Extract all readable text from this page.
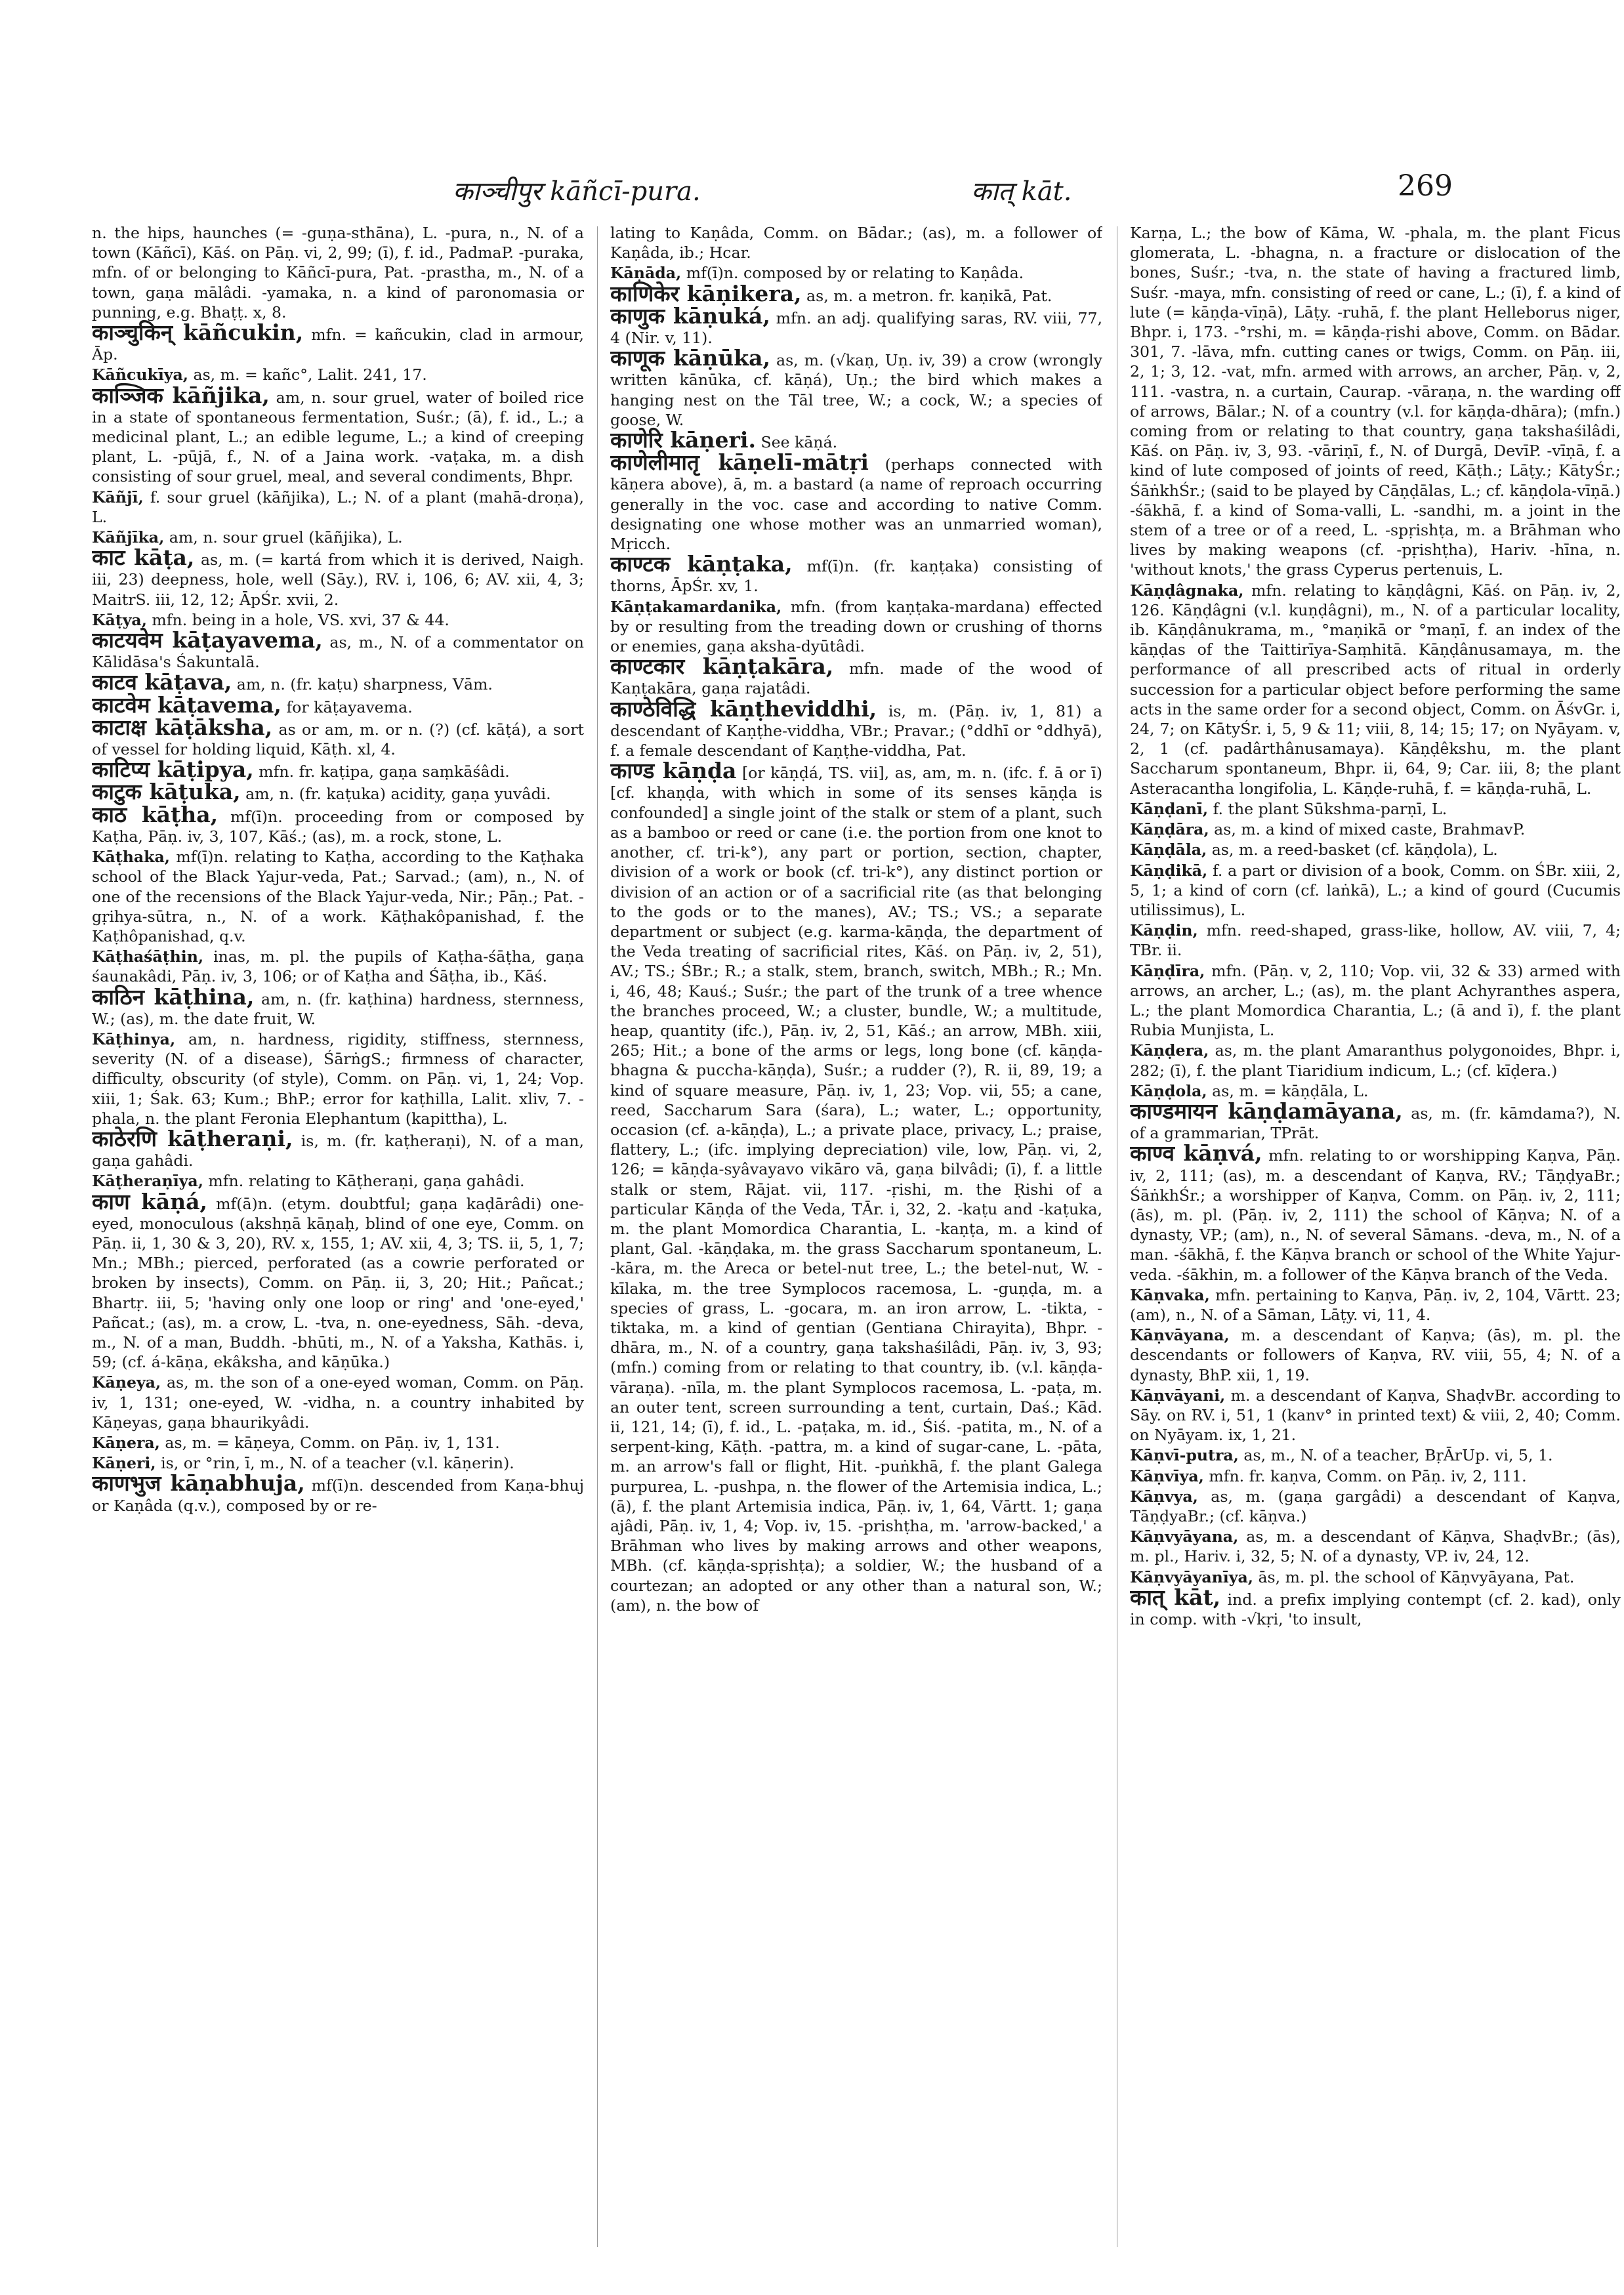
काञ्चीपुर kāñcī-pura.	कात् kāt.	269

n. the hips, haunches (= -guṇa-sthāna), L. -pura, n., N. of a town (Kāñcī), Kāś. on Pāṇ. vi, 2, 99; (ī), f. id., PadmaP. -puraka, mfn. of or belonging to Kāñcī-pura, Pat. -prastha, m., N. of a town, gaṇa mālâdi. -yamaka, n. a kind of paronomasia or punning, e.g. Bhaṭṭ. x, 8.

काञ्चुकिन् kāñcukin, mfn. = kañcukin, clad in armour, Āp.

Kāñcukīya, as, m. = kañc°, Lalit. 241, 17.

काञ्जिक kāñjika, am, n. sour gruel, water of boiled rice in a state of spontaneous fermentation, Suśr.; (ā), f. id., L.; a medicinal plant, L.; an edible legume, L.; a kind of creeping plant, L. -pūjā, f., N. of a Jaina work. -vaṭaka, m. a dish consisting of sour gruel, meal, and several condiments, Bhpr.

Kāñjī, f. sour gruel (kāñjika), L.; N. of a plant (mahā-droṇa), L.

Kāñjīka, am, n. sour gruel (kāñjika), L.

काट kāṭa, as, m. (= kartá from which it is derived, Naigh. iii, 23) deepness, hole, well (Sāy.), RV. i, 106, 6; AV. xii, 4, 3; MaitrS. iii, 12, 12; ĀpŚr. xvii, 2.

Kāṭya, mfn. being in a hole, VS. xvi, 37 & 44.

काटयवेम kāṭayavema, as, m., N. of a commentator on Kālidāsa's Śakuntalā.

काटव kāṭava, am, n. (fr. kaṭu) sharpness, Vām.

काटवेम kāṭavema, for kāṭayavema.

काटाक्ष kāṭāksha, as or am, m. or n. (?) (cf. kāṭá), a sort of vessel for holding liquid, Kāṭh. xl, 4.

काटिप्य kāṭipya, mfn. fr. kaṭipa, gaṇa saṃkāśâdi.

काटुक kāṭuka, am, n. (fr. kaṭuka) acidity, gaṇa yuvâdi.

काठ kāṭha, mf(ī)n. proceeding from or composed by Kaṭha, Pāṇ. iv, 3, 107, Kāś.; (as), m. a rock, stone, L.

Kāṭhaka, mf(ī)n. relating to Kaṭha, according to the Kaṭhaka school of the Black Yajur-veda, Pat.; Sarvad.; (am), n., N. of one of the recensions of the Black Yajur-veda, Nir.; Pāṇ.; Pat. -gṛihya-sūtra, n., N. of a work. Kāṭhakôpanishad, f. the Kaṭhôpanishad, q.v.

Kāṭhaśāṭhin, inas, m. pl. the pupils of Kaṭha-śāṭha, gaṇa śaunakâdi, Pāṇ. iv, 3, 106; or of Kaṭha and Śāṭha, ib., Kāś.

काठिन kāṭhina, am, n. (fr. kaṭhina) hardness, sternness, W.; (as), m. the date fruit, W.

Kāṭhinya, am, n. hardness, rigidity, stiffness, sternness, severity (N. of a disease), ŚārṅgS.; firmness of character, difficulty, obscurity (of style), Comm. on Pāṇ. vi, 1, 24; Vop. xiii, 1; Śak. 63; Kum.; BhP.; error for kaṭhilla, Lalit. xliv, 7. -phala, n. the plant Feronia Elephantum (kapittha), L.

काठेरणि kāṭheraṇi, is, m. (fr. kaṭheraṇi), N. of a man, gaṇa gahâdi.

Kāṭheraṇīya, mfn. relating to Kāṭheraṇi, gaṇa gahâdi.

काण kāṇá, mf(ā)n. (etym. doubtful; gaṇa kaḍārâdi) one-eyed, monoculous (akshṇā kāṇaḥ, blind of one eye, Comm. on Pāṇ. ii, 1, 30 & 3, 20), RV. x, 155, 1; AV. xii, 4, 3; TS. ii, 5, 1, 7; Mn.; MBh.; pierced, perforated (as a cowrie perforated or broken by insects), Comm. on Pāṇ. ii, 3, 20; Hit.; Pañcat.; Bhartṛ. iii, 5; 'having only one loop or ring' and 'one-eyed,' Pañcat.; (as), m. a crow, L. -tva, n. one-eyedness, Sāh. -deva, m., N. of a man, Buddh. -bhūti, m., N. of a Yaksha, Kathās. i, 59; (cf. á-kāṇa, ekâksha, and kāṇūka.)

Kāṇeya, as, m. the son of a one-eyed woman, Comm. on Pāṇ. iv, 1, 131; one-eyed, W. -vidha, n. a country inhabited by Kāṇeyas, gaṇa bhaurikyâdi.

Kāṇera, as, m. = kāṇeya, Comm. on Pāṇ. iv, 1, 131.

Kāṇeri, is, or °rin, ī, m., N. of a teacher (v.l. kāṇerin).

काणभुज kāṇabhuja, mf(ī)n. descended from Kaṇa-bhuj or Kaṇâda (q.v.), composed by or re-

lating to Kaṇâda, Comm. on Bādar.; (as), m. a follower of Kaṇâda, ib.; Hcar.

Kāṇāda, mf(ī)n. composed by or relating to Kaṇâda.

काणिकेर kāṇikera, as, m. a metron. fr. kaṇikā, Pat.

काणुक kāṇuká, mfn. an adj. qualifying saras, RV. viii, 77, 4 (Nir. v, 11).

काणूक kāṇūka, as, m. (√kaṇ, Uṇ. iv, 39) a crow (wrongly written kānūka, cf. kāṇá), Uṇ.; the bird which makes a hanging nest on the Tāl tree, W.; a cock, W.; a species of goose, W.

काणेरि kāṇeri. See kāṇá.

काणेलीमातृ kāṇelī-mātṛi (perhaps connected with kāṇera above), ā, m. a bastard (a name of reproach occurring generally in the voc. case and according to native Comm. designating one whose mother was an unmarried woman), Mṛicch.

काण्टक kāṇṭaka, mf(ī)n. (fr. kaṇṭaka) consisting of thorns, ĀpŚr. xv, 1.

Kāṇṭakamardanika, mfn. (from kaṇṭaka-mardana) effected by or resulting from the treading down or crushing of thorns or enemies, gaṇa aksha-dyūtâdi.

काण्टकार kāṇṭakāra, mfn. made of the wood of Kaṇṭakāra, gaṇa rajatâdi.

काण्ठेविद्धि kāṇṭheviddhi, is, m. (Pāṇ. iv, 1, 81) a descendant of Kaṇṭhe-viddha, VBr.; Pravar.; (°ddhī or °ddhyā), f. a female descendant of Kaṇṭhe-viddha, Pat.

काण्ड kāṇḍa [or kāṇḍá, TS. vii], as, am, m. n. (ifc. f. ā or ī) [cf. khaṇḍa, with which in some of its senses kāṇḍa is confounded] a single joint of the stalk or stem of a plant, such as a bamboo or reed or cane (i.e. the portion from one knot to another, cf. tri-k°), any part or portion, section, chapter, division of a work or book (cf. tri-k°), any distinct portion or division of an action or of a sacrificial rite (as that belonging to the gods or to the manes), AV.; TS.; VS.; a separate department or subject (e.g. karma-kāṇḍa, the department of the Veda treating of sacrificial rites, Kāś. on Pāṇ. iv, 2, 51), AV.; TS.; ŚBr.; R.; a stalk, stem, branch, switch, MBh.; R.; Mn. i, 46, 48; Kauś.; Suśr.; the part of the trunk of a tree whence the branches proceed, W.; a cluster, bundle, W.; a multitude, heap, quantity (ifc.), Pāṇ. iv, 2, 51, Kāś.; an arrow, MBh. xiii, 265; Hit.; a bone of the arms or legs, long bone (cf. kāṇḍa-bhagna & puccha-kāṇḍa), Suśr.; a rudder (?), R. ii, 89, 19; a kind of square measure, Pāṇ. iv, 1, 23; Vop. vii, 55; a cane, reed, Saccharum Sara (śara), L.; water, L.; opportunity, occasion (cf. a-kāṇḍa), L.; a private place, privacy, L.; praise, flattery, L.; (ifc. implying depreciation) vile, low, Pāṇ. vi, 2, 126; = kāṇḍa-syâvayavo vikāro vā, gaṇa bilvâdi; (ī), f. a little stalk or stem, Rājat. vii, 117. -ṛishi, m. the Ṛishi of a particular Kāṇḍa of the Veda, TĀr. i, 32, 2. -kaṭu and -kaṭuka, m. the plant Momordica Charantia, L. -kaṇṭa, m. a kind of plant, Gal. -kāṇḍaka, m. the grass Saccharum spontaneum, L. -kāra, m. the Areca or betel-nut tree, L.; the betel-nut, W. -kīlaka, m. the tree Symplocos racemosa, L. -guṇḍa, m. a species of grass, L. -gocara, m. an iron arrow, L. -tikta, -tiktaka, m. a kind of gentian (Gentiana Chirayita), Bhpr. -dhāra, m., N. of a country, gaṇa takshaśilâdi, Pāṇ. iv, 3, 93; (mfn.) coming from or relating to that country, ib. (v.l. kāṇḍa-vāraṇa). -nīla, m. the plant Symplocos racemosa, L. -paṭa, m. an outer tent, screen surrounding a tent, curtain, Daś.; Kād. ii, 121, 14; (ī), f. id., L. -paṭaka, m. id., Śiś. -patita, m., N. of a serpent-king, Kāṭh. -pattra, m. a kind of sugar-cane, L. -pāta, m. an arrow's fall or flight, Hit. -puṅkhā, f. the plant Galega purpurea, L. -pushpa, n. the flower of the Artemisia indica, L.; (ā), f. the plant Artemisia indica, Pāṇ. iv, 1, 64, Vārtt. 1; gaṇa ajâdi, Pāṇ. iv, 1, 4; Vop. iv, 15. -prishṭha, m. 'arrow-backed,' a Brāhman who lives by making arrows and other weapons, MBh. (cf. kāṇḍa-spṛishṭa); a soldier, W.; the husband of a courtezan; an adopted or any other than a natural son, W.; (am), n. the bow of

Karṇa, L.; the bow of Kāma, W. -phala, m. the plant Ficus glomerata, L. -bhagna, n. a fracture or dislocation of the bones, Suśr.; -tva, n. the state of having a fractured limb, Suśr. -maya, mfn. consisting of reed or cane, L.; (ī), f. a kind of lute (= kāṇḍa-vīṇā), Lāṭy. -ruhā, f. the plant Helleborus niger, Bhpr. i, 173. -°rshi, m. = kāṇḍa-ṛishi above, Comm. on Bādar. 301, 7. -lāva, mfn. cutting canes or twigs, Comm. on Pāṇ. iii, 2, 1; 3, 12. -vat, mfn. armed with arrows, an archer, Pāṇ. v, 2, 111. -vastra, n. a curtain, Caurap. -vāraṇa, n. the warding off of arrows, Bālar.; N. of a country (v.l. for kāṇḍa-dhāra); (mfn.) coming from or relating to that country, gaṇa takshaśilâdi, Kāś. on Pāṇ. iv, 3, 93. -vāriṇī, f., N. of Durgā, DevīP. -vīṇā, f. a kind of lute composed of joints of reed, Kāṭh.; Lāṭy.; KātyŚr.; ŚāṅkhŚr.; (said to be played by Cāṇḍālas, L.; cf. kāṇḍola-vīṇā.) -śākhā, f. a kind of Soma-valli, L. -sandhi, m. a joint in the stem of a tree or of a reed, L. -spṛishṭa, m. a Brāhman who lives by making weapons (cf. -pṛishṭha), Hariv. -hīna, n. 'without knots,' the grass Cyperus pertenuis, L.

Kāṇḍâgnaka, mfn. relating to kāṇḍâgni, Kāś. on Pāṇ. iv, 2, 126. Kāṇḍâgni (v.l. kuṇḍâgni), m., N. of a particular locality, ib. Kāṇḍânukrama, m., °maṇikā or °maṇī, f. an index of the kāṇḍas of the Taittirīya-Saṃhitā. Kāṇḍânusamaya, m. the performance of all prescribed acts of ritual in orderly succession for a particular object before performing the same acts in the same order for a second object, Comm. on ĀśvGr. i, 24, 7; on KātyŚr. i, 5, 9 & 11; viii, 8, 14; 15; 17; on Nyāyam. v, 2, 1 (cf. padârthânusamaya). Kāṇḍêkshu, m. the plant Saccharum spontaneum, Bhpr. ii, 64, 9; Car. iii, 8; the plant Asteracantha longifolia, L. Kāṇḍe-ruhā, f. = kāṇḍa-ruhā, L.

Kāṇḍanī, f. the plant Sūkshma-parṇī, L.

Kāṇḍāra, as, m. a kind of mixed caste, BrahmavP.

Kāṇḍāla, as, m. a reed-basket (cf. kāṇḍola), L.

Kāṇḍikā, f. a part or division of a book, Comm. on ŚBr. xiii, 2, 5, 1; a kind of corn (cf. laṅkā), L.; a kind of gourd (Cucumis utilissimus), L.

Kāṇḍin, mfn. reed-shaped, grass-like, hollow, AV. viii, 7, 4; TBr. ii.

Kāṇḍīra, mfn. (Pāṇ. v, 2, 110; Vop. vii, 32 & 33) armed with arrows, an archer, L.; (as), m. the plant Achyranthes aspera, L.; the plant Momordica Charantia, L.; (ā and ī), f. the plant Rubia Munjista, L.

Kāṇḍera, as, m. the plant Amaranthus polygonoides, Bhpr. i, 282; (ī), f. the plant Tiaridium indicum, L.; (cf. kīḍera.)

Kāṇḍola, as, m. = kāṇḍāla, L.

काण्डमायन kāṇḍamāyana, as, m. (fr. kāmdama?), N. of a grammarian, TPrāt.

काण्व kāṇvá, mfn. relating to or worshipping Kaṇva, Pāṇ. iv, 2, 111; (as), m. a descendant of Kaṇva, RV.; TāṇḍyaBr.; ŚāṅkhŚr.; a worshipper of Kaṇva, Comm. on Pāṇ. iv, 2, 111; (ās), m. pl. (Pāṇ. iv, 2, 111) the school of Kāṇva; N. of a dynasty, VP.; (am), n., N. of several Sāmans. -deva, m., N. of a man. -śākhā, f. the Kāṇva branch or school of the White Yajur-veda. -śākhin, m. a follower of the Kāṇva branch of the Veda.

Kāṇvaka, mfn. pertaining to Kaṇva, Pāṇ. iv, 2, 104, Vārtt. 23; (am), n., N. of a Sāman, Lāṭy. vi, 11, 4.

Kāṇvāyana, m. a descendant of Kaṇva; (ās), m. pl. the descendants or followers of Kaṇva, RV. viii, 55, 4; N. of a dynasty, BhP. xii, 1, 19.

Kāṇvāyani, m. a descendant of Kaṇva, ShaḍvBr. according to Sāy. on RV. i, 51, 1 (kanv° in printed text) & viii, 2, 40; Comm. on Nyāyam. ix, 1, 21.

Kāṇvī-putra, as, m., N. of a teacher, BṛĀrUp. vi, 5, 1.

Kāṇvīya, mfn. fr. kaṇva, Comm. on Pāṇ. iv, 2, 111.

Kāṇvya, as, m. (gaṇa gargâdi) a descendant of Kaṇva, TāṇḍyaBr.; (cf. kāṇva.)

Kāṇvyāyana, as, m. a descendant of Kāṇva, ShaḍvBr.; (ās), m. pl., Hariv. i, 32, 5; N. of a dynasty, VP. iv, 24, 12.

Kāṇvyāyanīya, ās, m. pl. the school of Kāṇvyāyana, Pat.

कात् kāt, ind. a prefix implying contempt (cf. 2. kad), only in comp. with -√kṛi, 'to insult,
